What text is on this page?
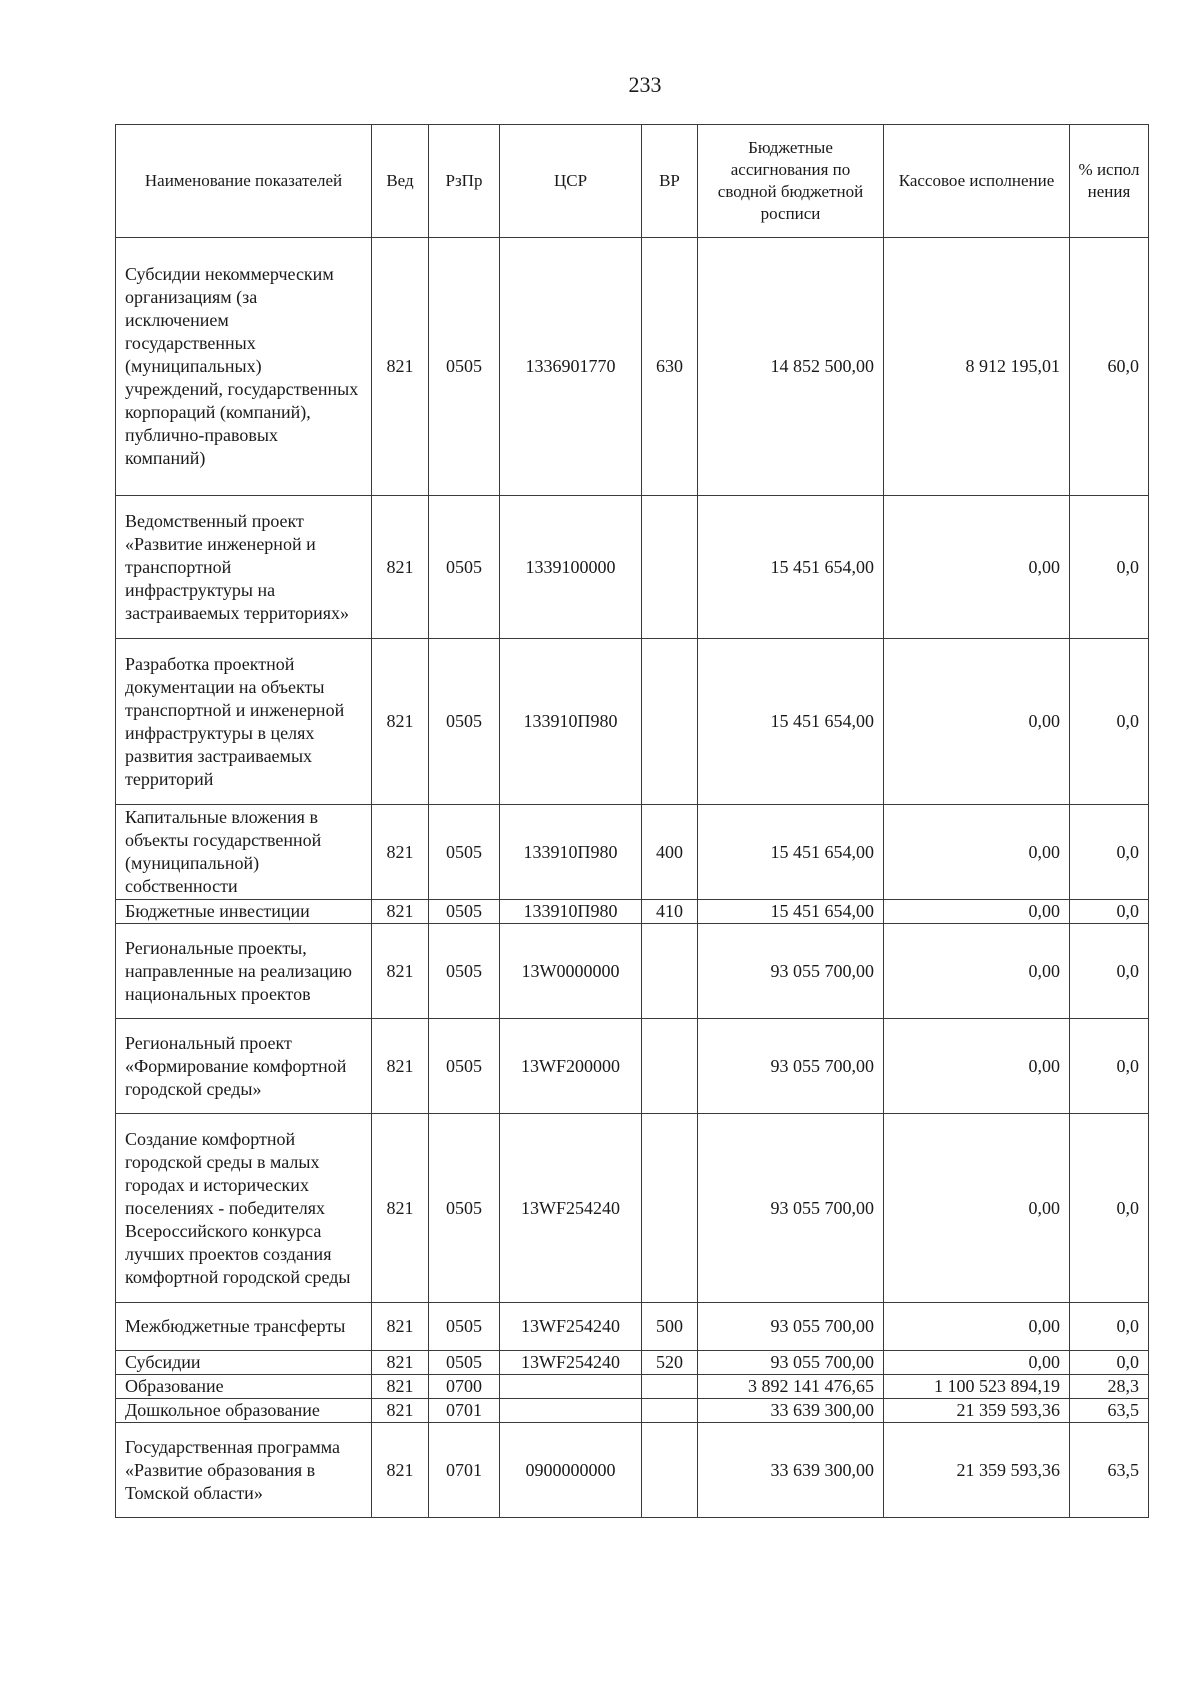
233
Наименование показателей	Вед	РзПр	ЦСР	ВР	Бюджетные ассигнования по сводной бюджетной росписи	Кассовое исполнение	% испол нения
Субсидии некоммерческим организациям (за исключением государственных (муниципальных) учреждений, государственных корпораций (компаний), публично-правовых компаний)	821	0505	1336901770	630	14 852 500,00	8 912 195,01	60,0
Ведомственный проект «Развитие инженерной и транспортной инфраструктуры на застраиваемых территориях»	821	0505	1339100000		15 451 654,00	0,00	0,0
Разработка проектной документации на объекты транспортной и инженерной инфраструктуры в целях развития застраиваемых территорий	821	0505	133910П980		15 451 654,00	0,00	0,0
Капитальные вложения в объекты государственной (муниципальной) собственности	821	0505	133910П980	400	15 451 654,00	0,00	0,0
Бюджетные инвестиции	821	0505	133910П980	410	15 451 654,00	0,00	0,0
Региональные проекты, направленные на реализацию национальных проектов	821	0505	13W0000000		93 055 700,00	0,00	0,0
Региональный проект «Формирование комфортной городской среды»	821	0505	13WF200000		93 055 700,00	0,00	0,0
Создание комфортной городской среды в малых городах и исторических поселениях - победителях Всероссийского конкурса лучших проектов создания комфортной городской среды	821	0505	13WF254240		93 055 700,00	0,00	0,0
Межбюджетные трансферты	821	0505	13WF254240	500	93 055 700,00	0,00	0,0
Субсидии	821	0505	13WF254240	520	93 055 700,00	0,00	0,0
Образование	821	0700			3 892 141 476,65	1 100 523 894,19	28,3
Дошкольное образование	821	0701			33 639 300,00	21 359 593,36	63,5
Государственная программа «Развитие образования в Томской области»	821	0701	0900000000		33 639 300,00	21 359 593,36	63,5
